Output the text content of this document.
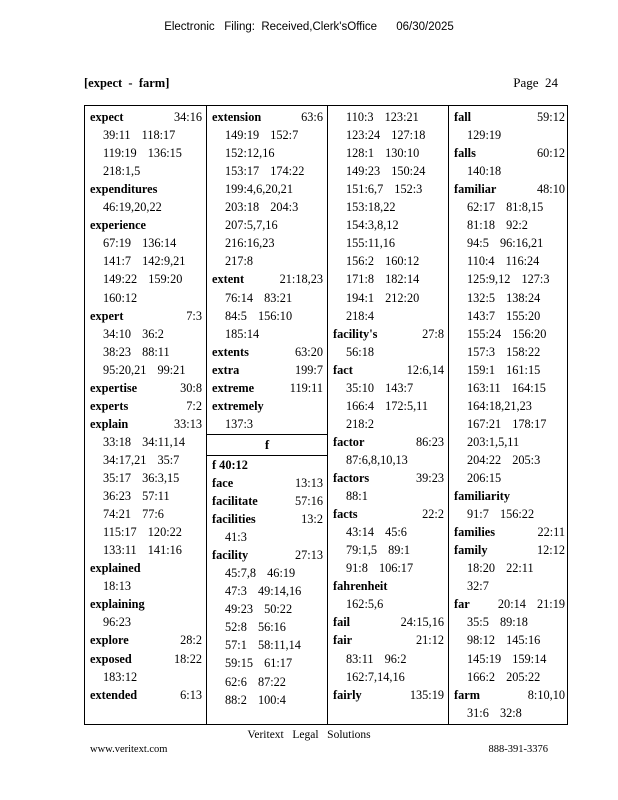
Electronic   Filing:  Received,Clerk'sOffice      06/30/2025
[expect  -  farm]	Page  24
expect	34:16
39:11 118:17
119:19 136:15
218:1,5
expenditures
46:19,20,22
experience
67:19 136:14
141:7 142:9,21
149:22 159:20
160:12
expert	7:3
34:10 36:2
38:23 88:11
95:20,21 99:21
expertise	30:8
experts	7:2
explain	33:13
33:18 34:11,14
34:17,21 35:7
35:17 36:3,15
36:23 57:11
74:21 77:6
115:17 120:22
133:11 141:16
explained
18:13
explaining
96:23
explore	28:2
exposed	18:22
183:12
extended	6:13
extension	63:6
149:19 152:7
152:12,16
153:17 174:22
199:4,6,20,21
203:18 204:3
207:5,7,16
216:16,23
217:8
extent	21:18,23
76:14 83:21
84:5 156:10
185:14
extents	63:20
extra	199:7
extreme	119:11
extremely
137:3
f
f 40:12
face	13:13
facilitate	57:16
facilities	13:2
41:3
facility	27:13
45:7,8 46:19
47:3 49:14,16
49:23 50:22
52:8 56:16
57:1 58:11,14
59:15 61:17
62:6 87:22
88:2 100:4
110:3 123:21
123:24 127:18
128:1 130:10
149:23 150:24
151:6,7 152:3
153:18,22
154:3,8,12
155:11,16
156:2 160:12
171:8 182:14
194:1 212:20
218:4
facility's	27:8
56:18
fact	12:6,14
35:10 143:7
166:4 172:5,11
218:2
factor	86:23
87:6,8,10,13
factors	39:23
88:1
facts	22:2
43:14 45:6
79:1,5 89:1
91:8 106:17
fahrenheit
162:5,6
fail	24:15,16
fair	21:12
83:11 96:2
162:7,14,16
fairly	135:19
fall	59:12
129:19
falls	60:12
140:18
familiar	48:10
62:17 81:8,15
81:18 92:2
94:5 96:16,21
110:4 116:24
125:9,12 127:3
132:5 138:24
143:7 155:20
155:24 156:20
157:3 158:22
159:1 161:15
163:11 164:15
164:18,21,23
167:21 178:17
203:1,5,11
204:22 205:3
206:15
familiarity
91:7 156:22
families	22:11
family	12:12
18:20 22:11
32:7
far 20:14 21:19
35:5 89:18
98:12 145:16
145:19 159:14
166:2 205:22
farm	8:10,10
31:6 32:8
Veritext   Legal   Solutions
www.veritext.com	888-391-3376
